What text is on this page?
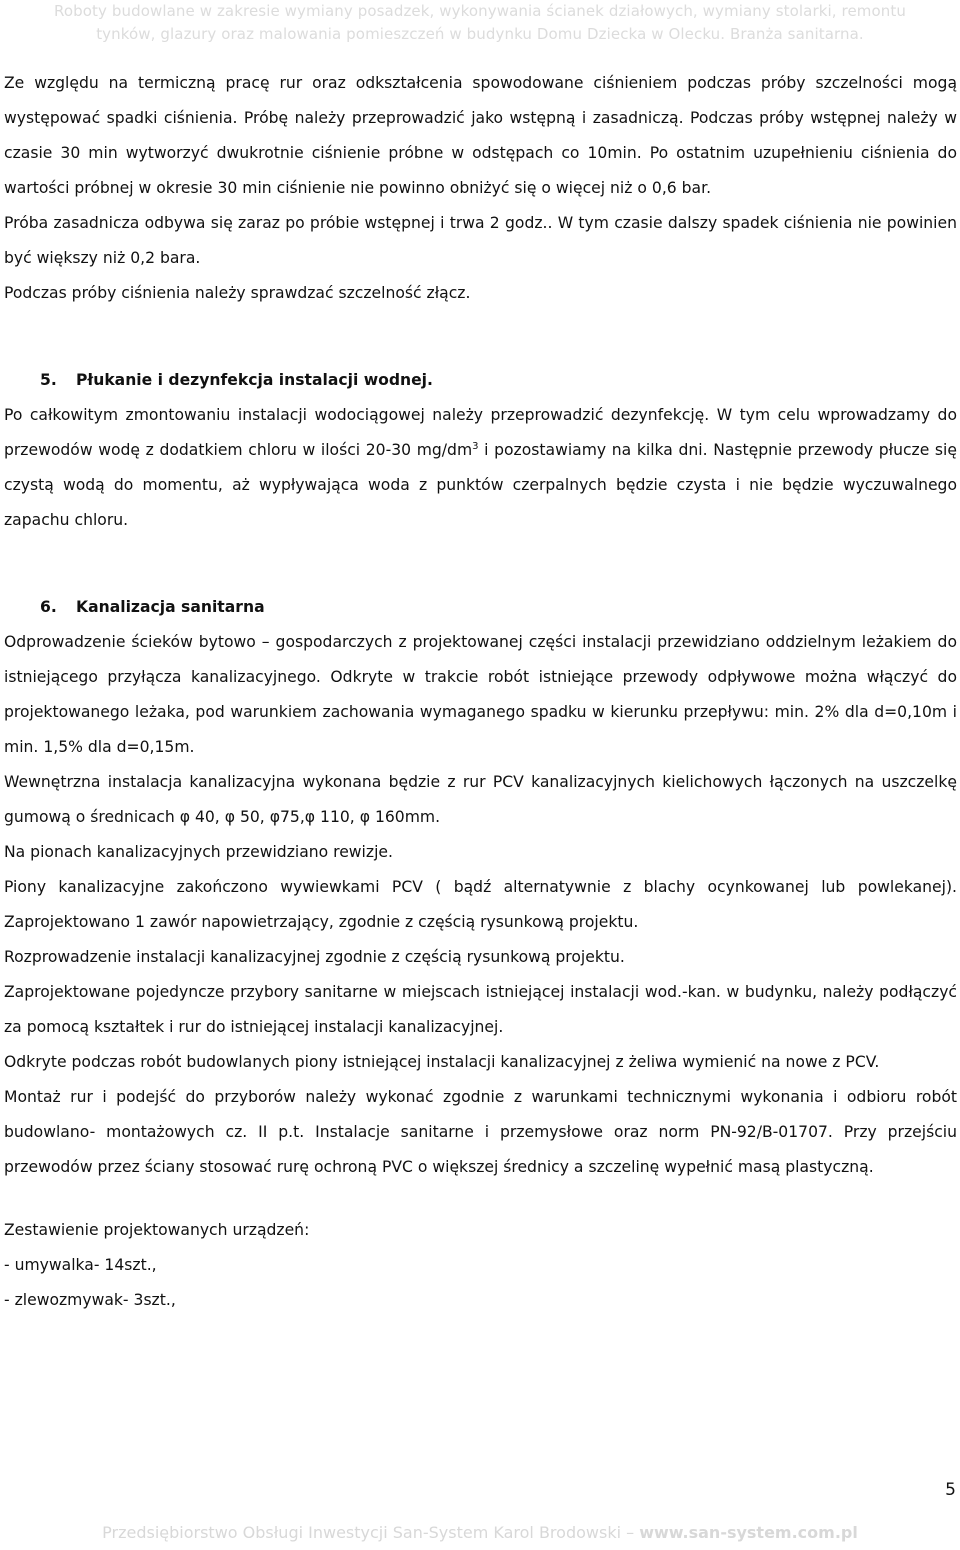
Roboty budowlane w zakresie wymiany posadzek, wykonywania ścianek działowych, wymiany stolarki, remontu
tynków, glazury oraz malowania pomieszczeń w budynku Domu Dziecka w Olecku. Branża sanitarna.

Ze względu na termiczną pracę rur oraz odkształcenia spowodowane ciśnieniem podczas próby szczelności mogą występować spadki ciśnienia. Próbę należy przeprowadzić jako wstępną i zasadniczą. Podczas próby wstępnej należy w czasie 30 min wytworzyć dwukrotnie ciśnienie próbne w odstępach co 10min. Po ostatnim uzupełnieniu ciśnienia do wartości próbnej w okresie 30 min ciśnienie nie powinno obniżyć się o więcej niż o 0,6 bar.

Próba zasadnicza odbywa się zaraz po próbie wstępnej i trwa 2 godz.. W tym czasie dalszy spadek ciśnienia nie powinien być większy niż 0,2 bara.

Podczas próby ciśnienia należy sprawdzać szczelność złącz.

5. Płukanie i dezynfekcja instalacji wodnej.

Po całkowitym zmontowaniu instalacji wodociągowej należy przeprowadzić dezynfekcję. W tym celu wprowadzamy do przewodów wodę z dodatkiem chloru w ilości 20-30 $mg/dm^3$ i pozostawiamy na kilka dni. Następnie przewody płucze się czystą wodą do momentu, aż wypływająca woda z punktów czerpalnych będzie czysta i nie będzie wyczuwalnego zapachu chloru.

6. Kanalizacja sanitarna

Odprowadzenie ścieków bytowo – gospodarczych z projektowanej części instalacji przewidziano oddzielnym leżakiem do istniejącego przyłącza kanalizacyjnego. Odkryte w trakcie robót istniejące przewody odpływowe można włączyć do projektowanego leżaka, pod warunkiem zachowania wymaganego spadku w kierunku przepływu: min. 2% dla d=0,10m i min. 1,5% dla d=0,15m.

Wewnętrzna instalacja kanalizacyjna wykonana będzie z rur PCV kanalizacyjnych kielichowych łączonych na uszczelkę gumową o średnicach φ 40, φ 50, φ75,φ 110, φ 160mm.

Na pionach kanalizacyjnych przewidziano rewizje.

Piony kanalizacyjne zakończono wywiewkami PCV ( bądź alternatywnie z blachy ocynkowanej lub powlekanej). Zaprojektowano 1 zawór napowietrzający, zgodnie z częścią rysunkową projektu.

Rozprowadzenie instalacji kanalizacyjnej zgodnie z częścią rysunkową projektu.

Zaprojektowane pojedyncze przybory sanitarne w miejscach istniejącej instalacji wod.-kan. w budynku, należy podłączyć za pomocą kształtek i rur do istniejącej instalacji kanalizacyjnej.

Odkryte podczas robót budowlanych piony istniejącej instalacji kanalizacyjnej z żeliwa wymienić na nowe z PCV.

Montaż rur i podejść do przyborów należy wykonać zgodnie z warunkami technicznymi wykonania i odbioru robót budowlano- montażowych cz. II p.t. Instalacje sanitarne i przemysłowe oraz norm PN-92/B-01707. Przy przejściu przewodów przez ściany stosować rurę ochroną PVC o większej średnicy a szczelinę wypełnić masą plastyczną.

Zestawienie projektowanych urządzeń:

- umywalka- 14szt.,

- zlewozmywak- 3szt.,

5
Przedsiębiorstwo Obsługi Inwestycji San-System Karol Brodowski – www.san-system.com.pl
